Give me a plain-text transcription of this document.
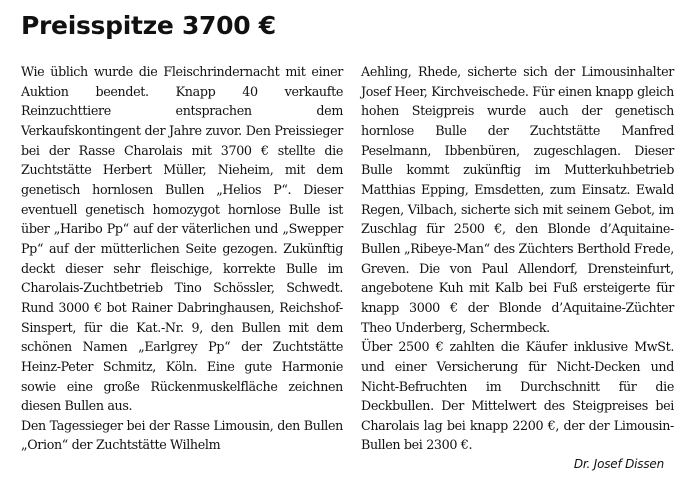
Preisspitze 3700 €

Wie üblich wurde die Fleischrindernacht mit einer Auktion beendet. Knapp 40 verkaufte Reinzuchttiere entsprachen dem Verkaufskontingent der Jahre zuvor. Den Preissieger bei der Rasse Charolais mit 3700 € stellte die Zuchtstätte Herbert Müller, Nieheim, mit dem genetisch hornlosen Bullen „Helios P“. Dieser eventuell genetisch homozygot hornlose Bulle ist über „Haribo Pp“ auf der väterlichen und „Swepper Pp“ auf der mütterlichen Seite gezogen. Zukünftig deckt dieser sehr fleischige, korrekte Bulle im Charolais-Zuchtbetrieb Tino Schössler, Schwedt. Rund 3000 € bot Rainer Dabringhausen, Reichshof-Sinspert, für die Kat.-Nr. 9, den Bullen mit dem schönen Namen „Earlgrey Pp“ der Zuchtstätte Heinz-Peter Schmitz, Köln. Eine gute Harmonie sowie eine große Rückenmuskelfläche zeichnen diesen Bullen aus.

Den Tagessieger bei der Rasse Limousin, den Bullen „Orion“ der Zuchtstätte Wilhelm

Aehling, Rhede, sicherte sich der Limousinhalter Josef Heer, Kirchveischede. Für einen knapp gleich hohen Steigpreis wurde auch der genetisch hornlose Bulle der Zuchtstätte Manfred Peselmann, Ibbenbüren, zugeschlagen. Dieser Bulle kommt zukünftig im Mutterkuhbetrieb Matthias Epping, Emsdetten, zum Einsatz. Ewald Regen, Vilbach, sicherte sich mit seinem Gebot, im Zuschlag für 2500 €, den Blonde d’Aquitaine-Bullen „Ribeye-Man“ des Züchters Berthold Frede, Greven. Die von Paul Allendorf, Drensteinfurt, angebotene Kuh mit Kalb bei Fuß ersteigerte für knapp 3000 € der Blonde d’Aquitaine-Züchter Theo Underberg, Schermbeck.

Über 2500 € zahlten die Käufer inklusive MwSt. und einer Versicherung für Nicht-Decken und Nicht-Befruchten im Durchschnitt für die Deckbullen. Der Mittelwert des Steigpreises bei Charolais lag bei knapp 2200 €, der der Limousin-Bullen bei 2300 €.

Dr. Josef Dissen
